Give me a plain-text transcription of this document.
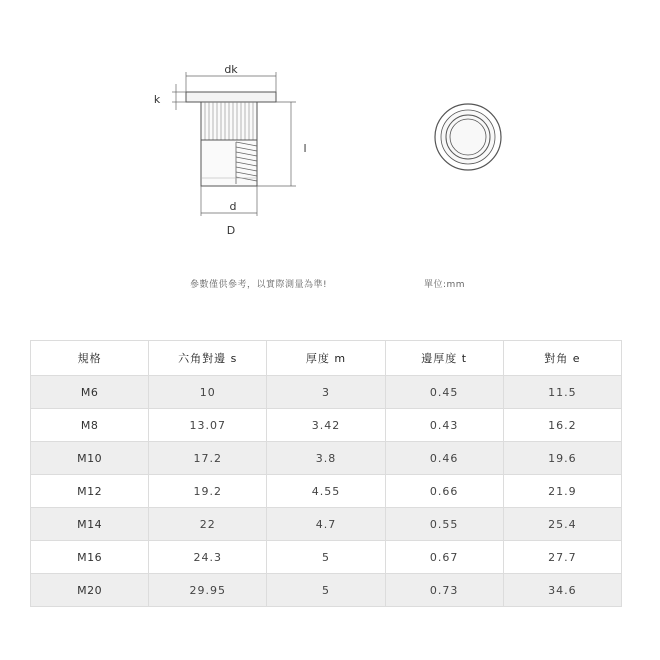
dk
k
l
d
D
參數僅供參考，以實際測量為準!	單位:mm
規格	六角對邊 s	厚度 m	邊厚度 t	對角 e
M6	10	3	0.45	11.5
M8	13.07	3.42	0.43	16.2
M10	17.2	3.8	0.46	19.6
M12	19.2	4.55	0.66	21.9
M14	22	4.7	0.55	25.4
M16	24.3	5	0.67	27.7
M20	29.95	5	0.73	34.6
